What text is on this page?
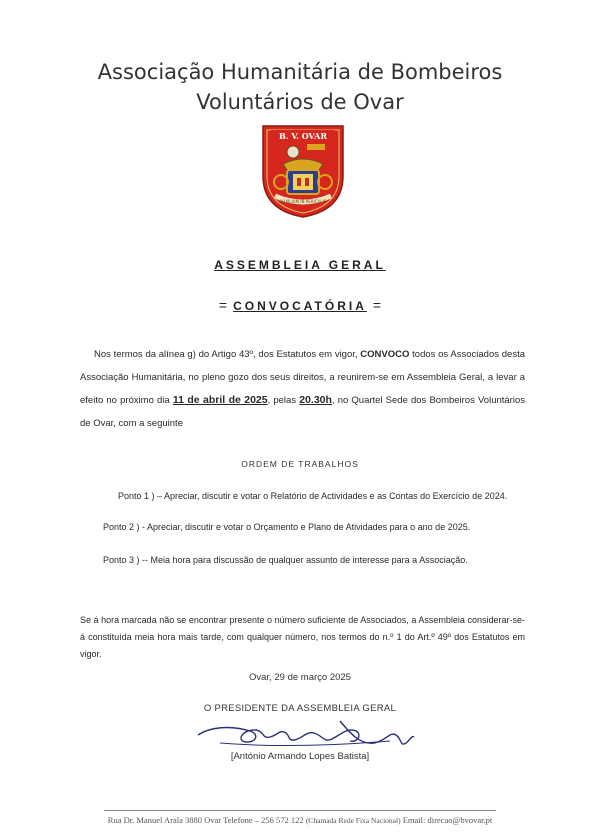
Associação Humanitária de Bombeiros
Voluntários de Ovar
B. V. OVAR
AUXILIUM IN PERICULIS
ASSEMBLEIA GERAL
= CONVOCATÓRIA =

Nos termos da alínea g) do Artigo 43º, dos Estatutos em vigor, CONVOCO todos os Associados desta Associação Humanitária, no pleno gozo dos seus direitos, a reunirem-se em Assembleia Geral, a levar a efeito no próximo dia 11 de abril de 2025, pelas 20.30h, no Quartel Sede dos Bombeiros Voluntários de Ovar, com a seguinte

ORDEM DE TRABALHOS
Ponto 1 ) – Apreciar, discutir e votar o Relatório de Actividades e as Contas do Exercício de 2024.
Ponto 2 ) - Apreciar, discutir e votar o Orçamento e Plano de Atividades para o ano de 2025.
Ponto 3 ) -- Meia hora para discussão de qualquer assunto de interesse para a Associação.
Se á hora marcada não se encontrar presente o número suficiente de Associados, a Assembleia considerar-se-á constituída meia hora mais tarde, com qualquer número, nos termos do n.º 1 do Art.º 49º dos Estatutos em vigor.
Ovar, 29 de março 2025
O PRESIDENTE DA ASSEMBLEIA GERAL
[António Armando Lopes Batista]
Rua Dr. Manuel Arala 3880 Ovar Telefone – 256 572 122 (Chamada Rede Fixa Nacional) Email: direcao@bvovar.pt
